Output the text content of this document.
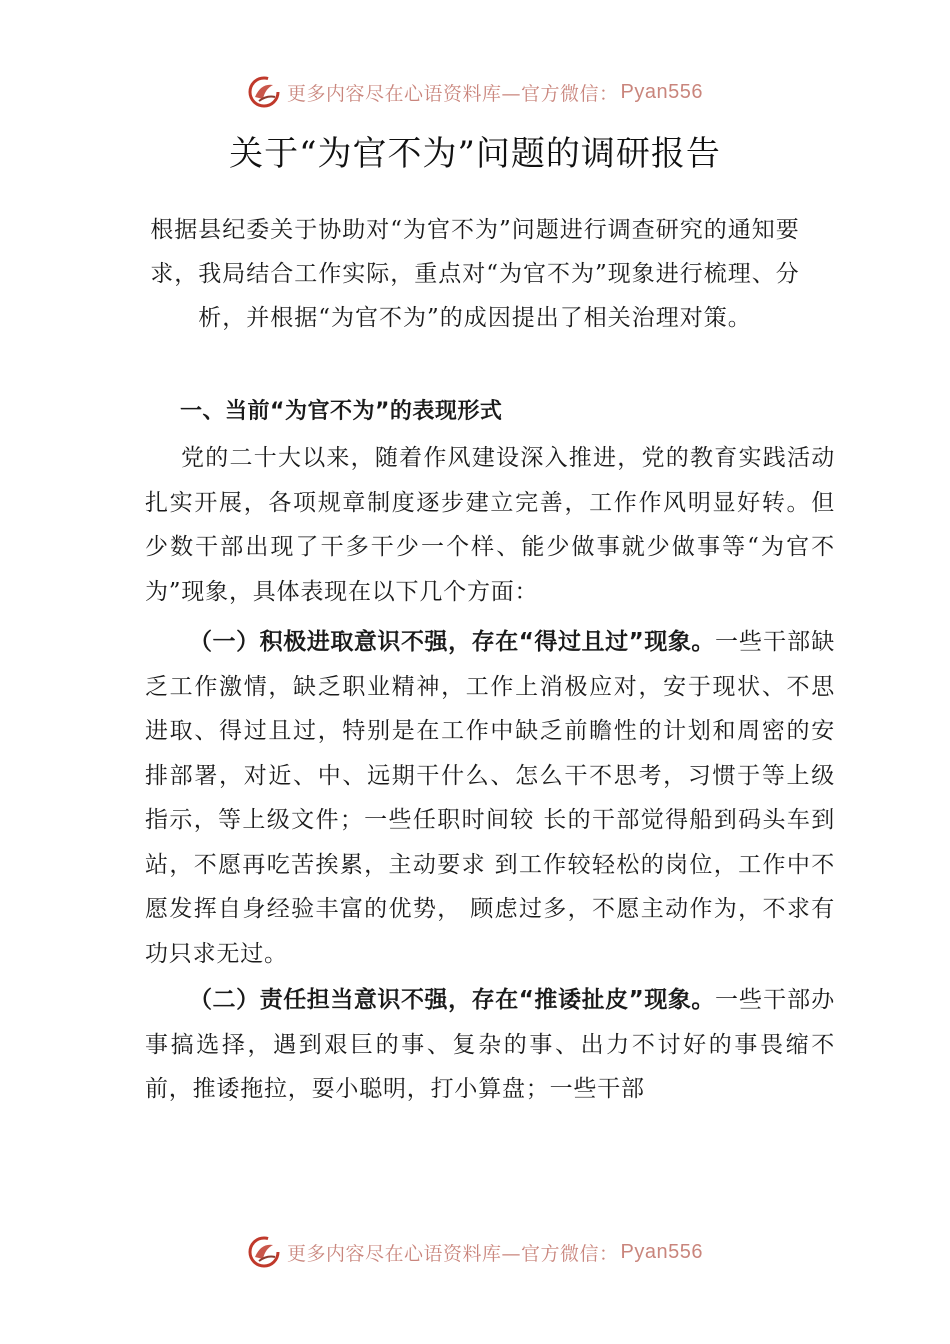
更多内容尽在心语资料库—官方微信： Pyan556
关于“为官不为”问题的调研报告
根据县纪委关于协助对“为官不为”问题进行调查研究的通知要求，我局结合工作实际，重点对“为官不为”现象进行梳理、分析，并根据“为官不为”的成因提出了相关治理对策。
一、当前“为官不为”的表现形式
党的二十大以来，随着作风建设深入推进，党的教育实践活动扎实开展，各项规章制度逐步建立完善，工作作风明显好转。但少数干部出现了干多干少一个样、能少做事就少做事等“为官不为”现象，具体表现在以下几个方面：
（一）积极进取意识不强，存在“得过且过”现象。一些干部缺乏工作激情，缺乏职业精神，工作上消极应对，安于现状、不思进取、得过且过，特别是在工作中缺乏前瞻性的计划和周密的安排部署，对近、中、远期干什么、怎么干不思考，习惯于等上级指示，等上级文件；一些任职时间较 长的干部觉得船到码头车到站，不愿再吃苦挨累，主动要求 到工作较轻松的岗位，工作中不愿发挥自身经验丰富的优势， 顾虑过多，不愿主动作为，不求有功只求无过。
（二）责任担当意识不强，存在“推诿扯皮”现象。一些干部办事搞选择，遇到艰巨的事、复杂的事、出力不讨好的事畏缩不前，推诿拖拉，耍小聪明，打小算盘；一些干部
更多内容尽在心语资料库—官方微信： Pyan556
